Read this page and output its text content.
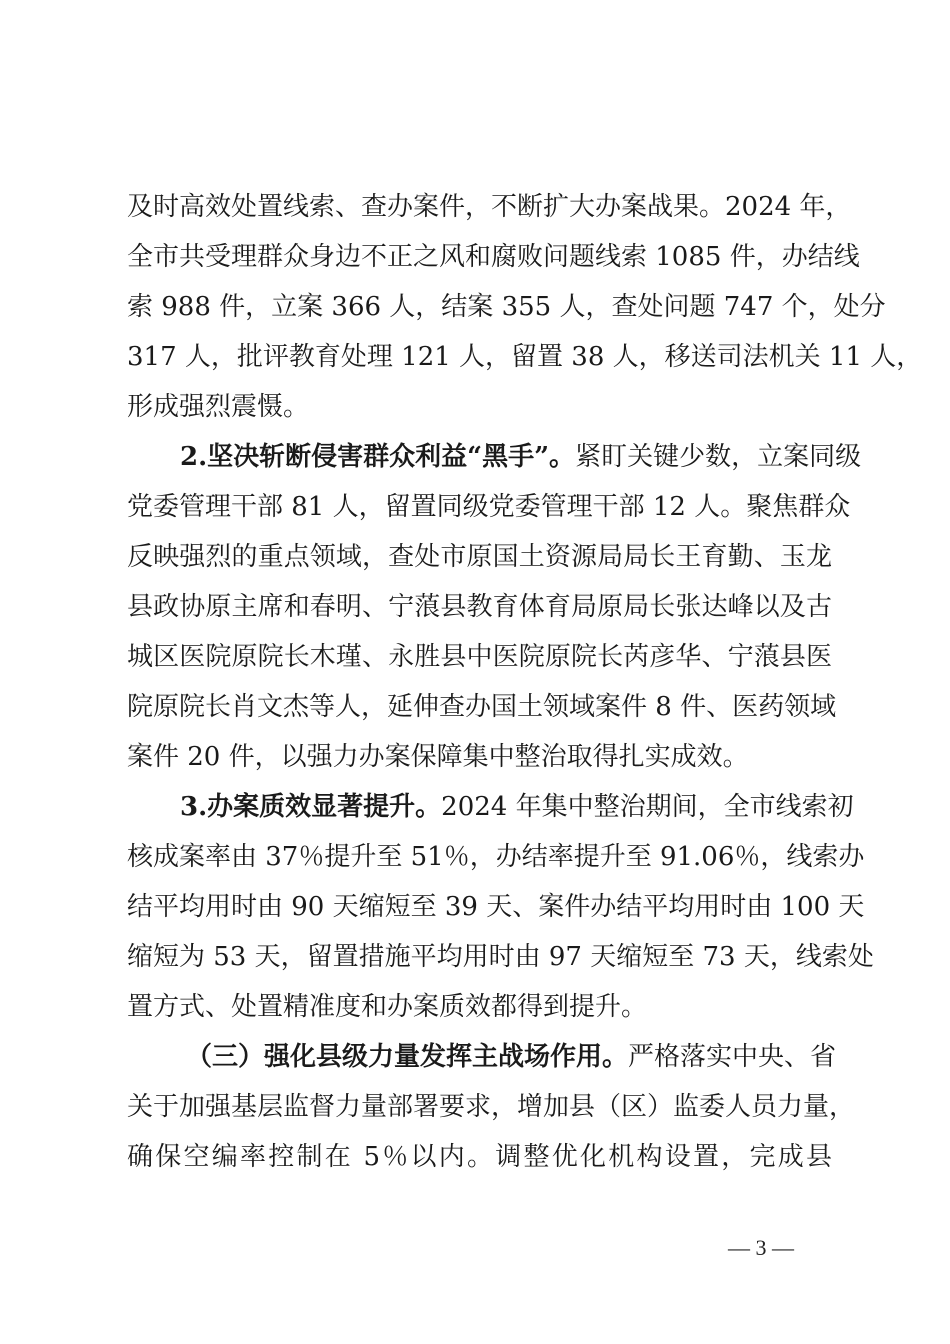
及时高效处置线索、查办案件，不断扩大办案战果。2024 年，
全市共受理群众身边不正之风和腐败问题线索 1085 件，办结线
索 988 件，立案 366 人，结案 355 人，查处问题 747 个，处分
317 人，批评教育处理 121 人，留置 38 人，移送司法机关 11 人，
形成强烈震慑。
2.坚决斩断侵害群众利益“黑手”。紧盯关键少数，立案同级
党委管理干部 81 人，留置同级党委管理干部 12 人。聚焦群众
反映强烈的重点领域，查处市原国土资源局局长王育勤、玉龙
县政协原主席和春明、宁蒗县教育体育局原局长张达峰以及古
城区医院原院长木瑾、永胜县中医院原院长芮彦华、宁蒗县医
院原院长肖文杰等人，延伸查办国土领域案件 8 件、医药领域
案件 20 件，以强力办案保障集中整治取得扎实成效。
3.办案质效显著提升。2024 年集中整治期间，全市线索初
核成案率由 37％提升至 51％，办结率提升至 91.06％，线索办
结平均用时由 90 天缩短至 39 天、案件办结平均用时由 100 天
缩短为 53 天，留置措施平均用时由 97 天缩短至 73 天，线索处
置方式、处置精准度和办案质效都得到提升。
（三）强化县级力量发挥主战场作用。严格落实中央、省
关于加强基层监督力量部署要求，增加县（区）监委人员力量，
确保空编率控制在 5％以内。调整优化机构设置，完成县
— 3 —
